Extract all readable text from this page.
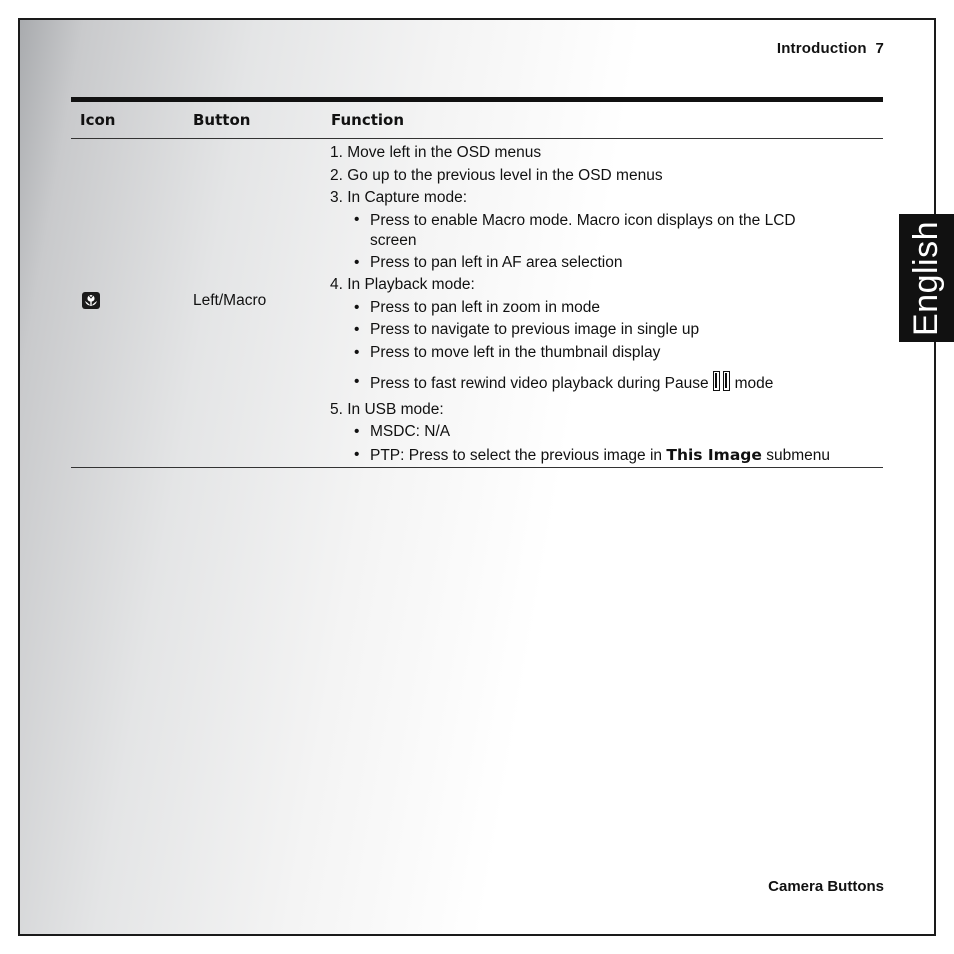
Introduction  7
English
Icon	Button	Function
Left/Macro
1. Move left in the OSD menus
2. Go up to the previous level in the OSD menus
3. In Capture mode:
• Press to enable Macro mode. Macro icon displays on the LCD screen
• Press to pan left in AF area selection
4. In Playback mode:
• Press to pan left in zoom in mode
• Press to navigate to previous image in single up
• Press to move left in the thumbnail display
• Press to fast rewind video playback during Pause mode
5. In USB mode:
• MSDC: N/A
• PTP: Press to select the previous image in This Image submenu
Camera Buttons
